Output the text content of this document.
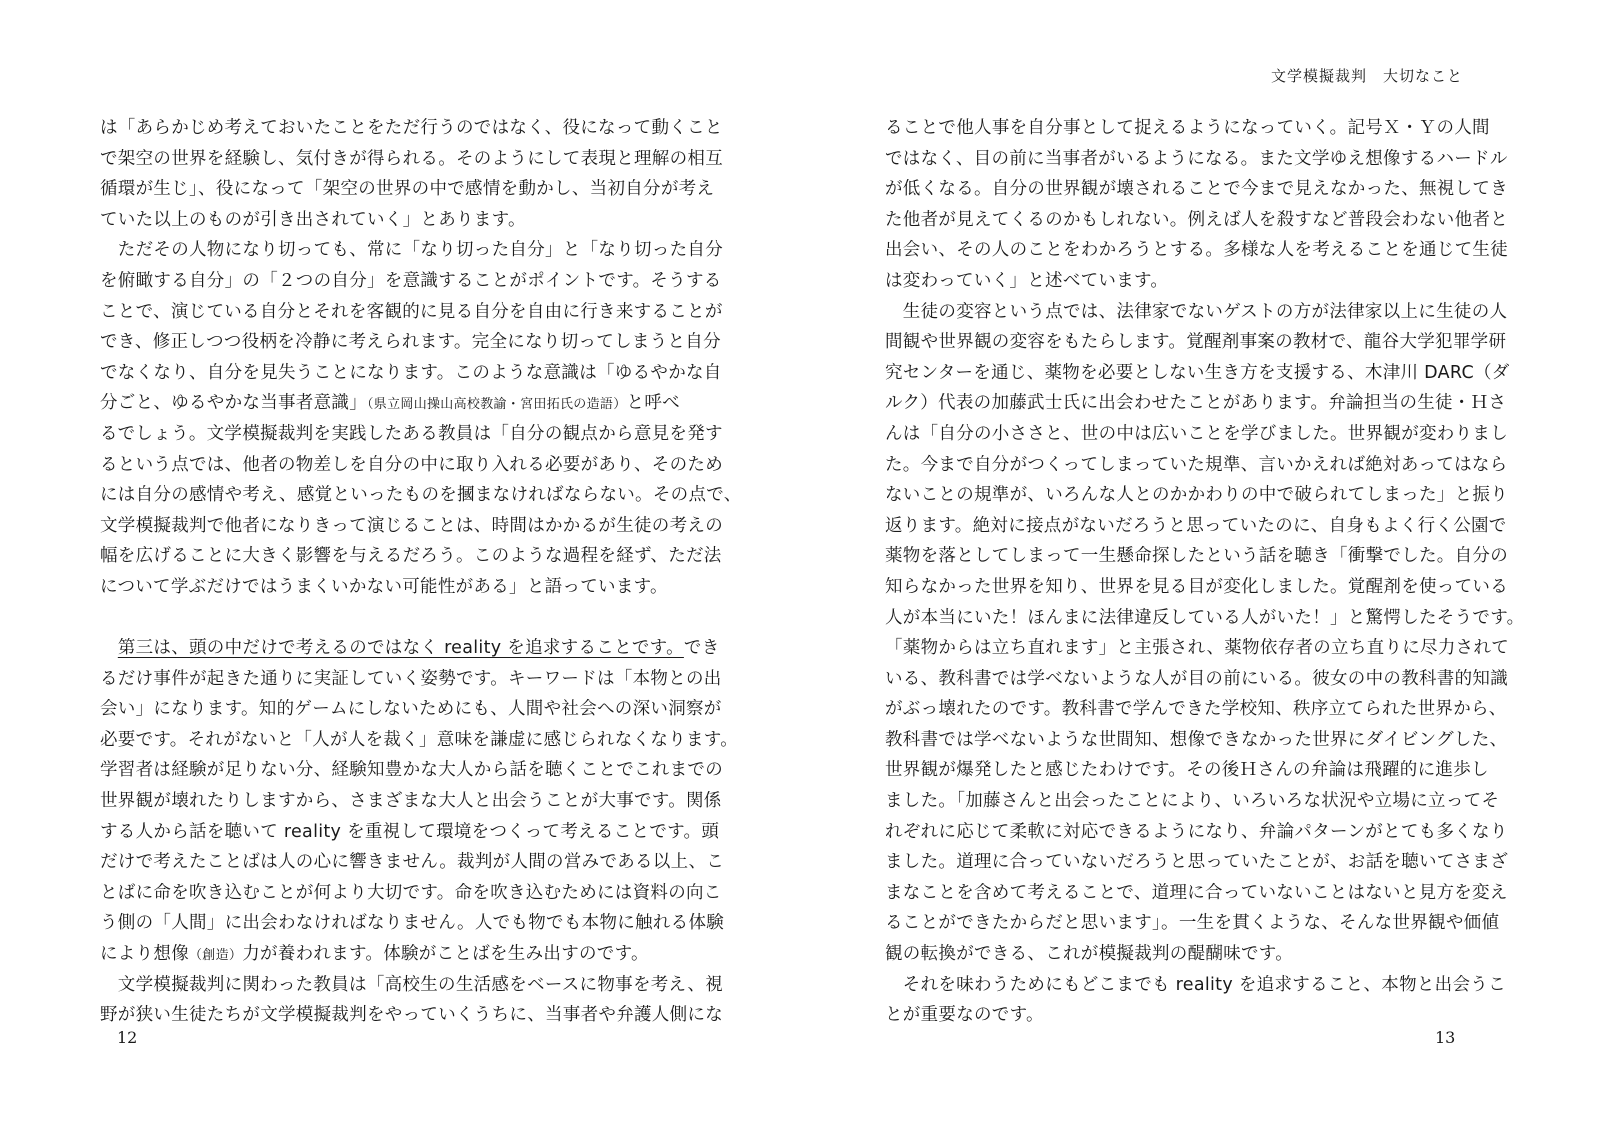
は「あらかじめ考えておいたことをただ行うのではなく、役になって動くこと
で架空の世界を経験し、気付きが得られる。そのようにして表現と理解の相互
循環が生じ」、役になって「架空の世界の中で感情を動かし、当初自分が考え
ていた以上のものが引き出されていく」とあります。
　ただその人物になり切っても、常に「なり切った自分」と「なり切った自分
を俯瞰する自分」の「２つの自分」を意識することがポイントです。そうする
ことで、演じている自分とそれを客観的に見る自分を自由に行き来することが
でき、修正しつつ役柄を冷静に考えられます。完全になり切ってしまうと自分
でなくなり、自分を見失うことになります。このような意識は「ゆるやかな自
分ごと、ゆるやかな当事者意識」（県立岡山操山高校教諭・宮田拓氏の造語）と呼べ
るでしょう。文学模擬裁判を実践したある教員は「自分の観点から意見を発す
るという点では、他者の物差しを自分の中に取り入れる必要があり、そのため
には自分の感情や考え、感覚といったものを摑まなければならない。その点で、
文学模擬裁判で他者になりきって演じることは、時間はかかるが生徒の考えの
幅を広げることに大きく影響を与えるだろう。このような過程を経ず、ただ法
について学ぶだけではうまくいかない可能性がある」と語っています。
　第三は、頭の中だけで考えるのではなく reality を追求することです。でき
るだけ事件が起きた通りに実証していく姿勢です。キーワードは「本物との出
会い」になります。知的ゲームにしないためにも、人間や社会への深い洞察が
必要です。それがないと「人が人を裁く」意味を謙虚に感じられなくなります。
学習者は経験が足りない分、経験知豊かな大人から話を聴くことでこれまでの
世界観が壊れたりしますから、さまざまな大人と出会うことが大事です。関係
する人から話を聴いて reality を重視して環境をつくって考えることです。頭
だけで考えたことばは人の心に響きません。裁判が人間の営みである以上、こ
とばに命を吹き込むことが何より大切です。命を吹き込むためには資料の向こ
う側の「人間」に出会わなければなりません。人でも物でも本物に触れる体験
により想像（創造）力が養われます。体験がことばを生み出すのです。
　文学模擬裁判に関わった教員は「高校生の生活感をベースに物事を考え、視
野が狭い生徒たちが文学模擬裁判をやっていくうちに、当事者や弁護人側にな
12
文学模擬裁判　大切なこと
ることで他人事を自分事として捉えるようになっていく。記号Ｘ・Ｙの人間
ではなく、目の前に当事者がいるようになる。また文学ゆえ想像するハードル
が低くなる。自分の世界観が壊されることで今まで見えなかった、無視してき
た他者が見えてくるのかもしれない。例えば人を殺すなど普段会わない他者と
出会い、その人のことをわかろうとする。多様な人を考えることを通じて生徒
は変わっていく」と述べています。
　生徒の変容という点では、法律家でないゲストの方が法律家以上に生徒の人
間観や世界観の変容をもたらします。覚醒剤事案の教材で、龍谷大学犯罪学研
究センターを通じ、薬物を必要としない生き方を支援する、木津川 DARC（ダ
ルク）代表の加藤武士氏に出会わせたことがあります。弁論担当の生徒・Ｈさ
んは「自分の小ささと、世の中は広いことを学びました。世界観が変わりまし
た。今まで自分がつくってしまっていた規準、言いかえれば絶対あってはなら
ないことの規準が、いろんな人とのかかわりの中で破られてしまった」と振り
返ります。絶対に接点がないだろうと思っていたのに、自身もよく行く公園で
薬物を落としてしまって一生懸命探したという話を聴き「衝撃でした。自分の
知らなかった世界を知り、世界を見る目が変化しました。覚醒剤を使っている
人が本当にいた！ほんまに法律違反している人がいた！」と驚愕したそうです。
「薬物からは立ち直れます」と主張され、薬物依存者の立ち直りに尽力されて
いる、教科書では学べないような人が目の前にいる。彼女の中の教科書的知識
がぶっ壊れたのです。教科書で学んできた学校知、秩序立てられた世界から、
教科書では学べないような世間知、想像できなかった世界にダイビングした、
世界観が爆発したと感じたわけです。その後Ｈさんの弁論は飛躍的に進歩し
ました。「加藤さんと出会ったことにより、いろいろな状況や立場に立ってそ
れぞれに応じて柔軟に対応できるようになり、弁論パターンがとても多くなり
ました。道理に合っていないだろうと思っていたことが、お話を聴いてさまざ
まなことを含めて考えることで、道理に合っていないことはないと見方を変え
ることができたからだと思います」。一生を貫くような、そんな世界観や価値
観の転換ができる、これが模擬裁判の醍醐味です。
　それを味わうためにもどこまでも reality を追求すること、本物と出会うこ
とが重要なのです。
13
